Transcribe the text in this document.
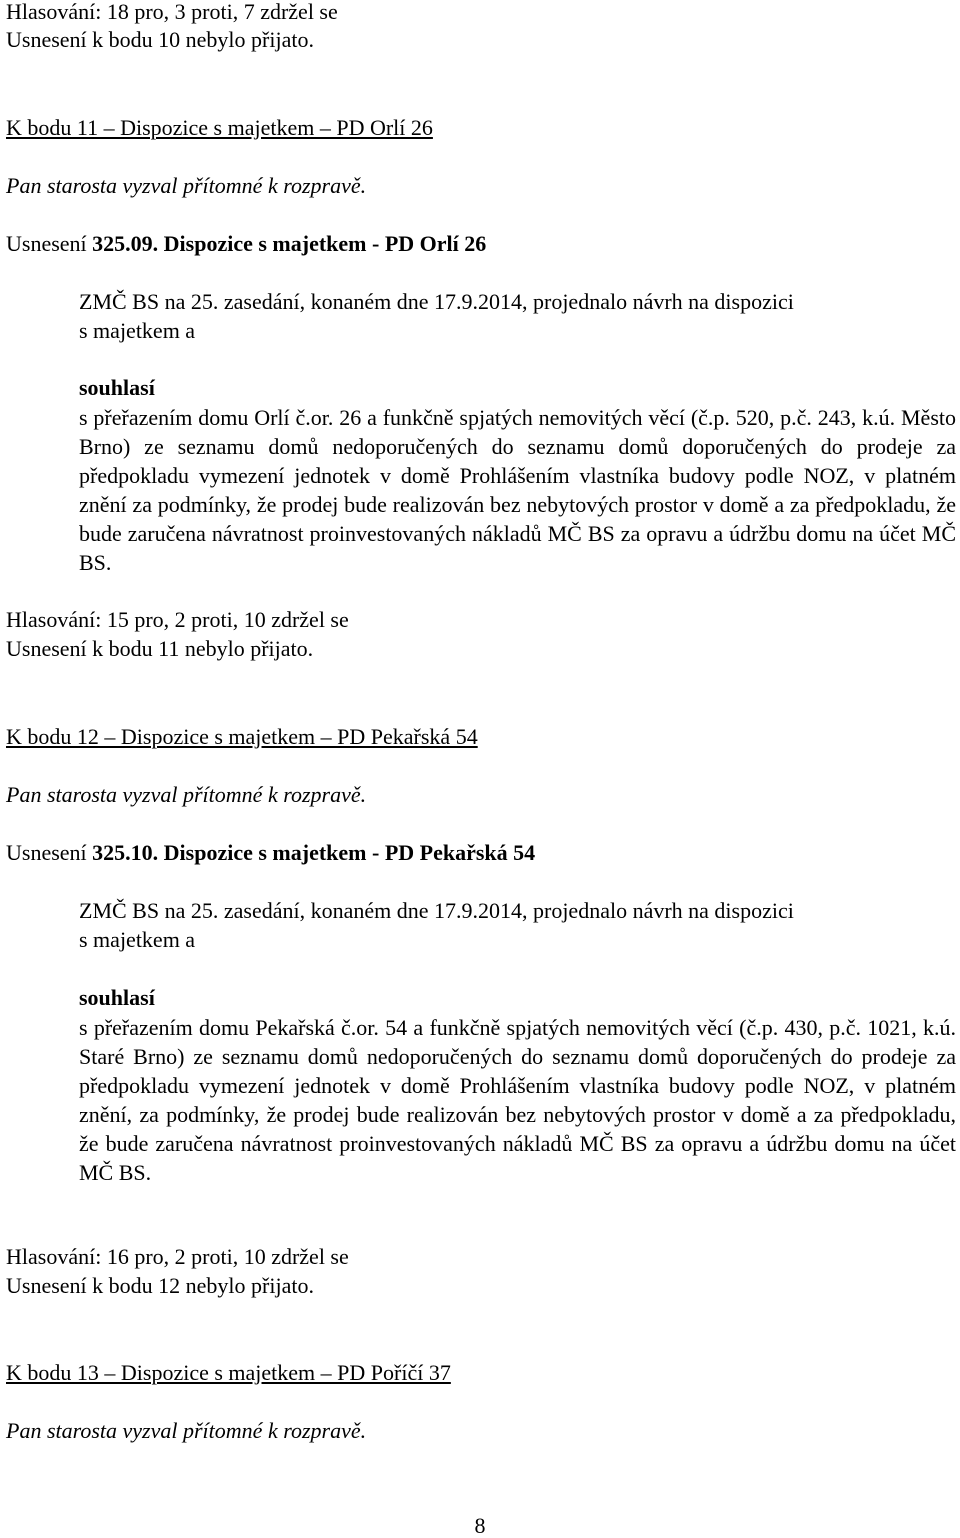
Hlasování: 18 pro, 3 proti, 7 zdržel se

Usnesení k bodu 10 nebylo přijato.

K bodu 11 – Dispozice s majetkem – PD Orlí 26

Pan starosta vyzval přítomné k rozpravě.

Usnesení 325.09. Dispozice s majetkem - PD Orlí 26

ZMČ BS na 25. zasedání, konaném dne 17.9.2014, projednalo návrh na dispozici

s majetkem a

souhlasí

s přeřazením domu Orlí č.or. 26 a funkčně spjatých nemovitých věcí (č.p. 520, p.č. 243, k.ú. Město Brno) ze seznamu domů nedoporučených do seznamu domů doporučených do prodeje za předpokladu vymezení jednotek v domě Prohlášením vlastníka budovy podle NOZ, v platném znění za podmínky, že prodej bude realizován bez nebytových prostor v domě a za předpokladu, že bude zaručena návratnost proinvestovaných nákladů MČ BS za opravu a údržbu domu na účet MČ BS.

Hlasování: 15 pro, 2 proti, 10 zdržel se

Usnesení k bodu 11 nebylo přijato.

K bodu 12 – Dispozice s majetkem – PD Pekařská 54

Pan starosta vyzval přítomné k rozpravě.

Usnesení 325.10. Dispozice s majetkem - PD Pekařská 54

ZMČ BS na 25. zasedání, konaném dne 17.9.2014, projednalo návrh na dispozici

s majetkem a

souhlasí

s přeřazením domu Pekařská č.or. 54 a funkčně spjatých nemovitých věcí (č.p. 430, p.č. 1021, k.ú. Staré Brno) ze seznamu domů nedoporučených do seznamu domů doporučených do prodeje za předpokladu vymezení jednotek v domě Prohlášením vlastníka budovy podle NOZ, v platném znění, za podmínky, že prodej bude realizován bez nebytových prostor v domě a za předpokladu, že bude zaručena návratnost proinvestovaných nákladů MČ BS za opravu a údržbu domu na účet MČ BS.

Hlasování: 16 pro, 2 proti, 10 zdržel se

Usnesení k bodu 12 nebylo přijato.

K bodu 13 – Dispozice s majetkem – PD Poříčí 37

Pan starosta vyzval přítomné k rozpravě.

8
